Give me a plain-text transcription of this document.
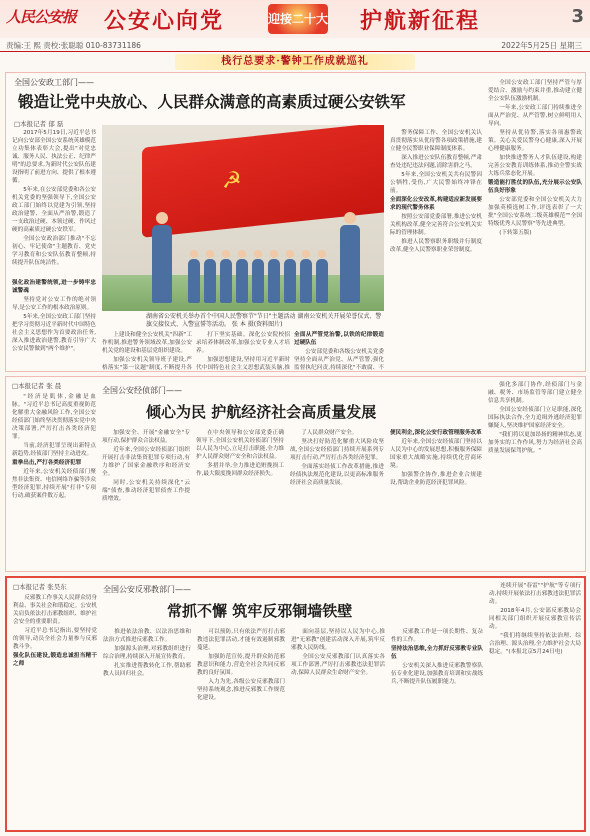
人民公安报 公安心向党	迎接二十大 护航新征程	3
责编:王 熙 责校:张聪聪 010-83731186	2022年5月25日 星期三
栈行总要求·警钟工作成就巡礼
全国公安政工部门——
锻造让党中央放心、人民群众满意的高素质过硬公安铁军
□本报记者 郁 磊

2017年5月19日,习近平总书记向公安部全国公安系统英雄模范立功集体表彰大会,提出"对党忠诚、服务人民、执法公正、纪律严明"的总要求,为新时代公安队伍建设指明了前进方向、提供了根本遵循。

5年来,在公安部党委和各公安机关党委的坚强领导下,全国公安政工部门始终以党建为引领,坚持政治建警、全面从严治警,锻造了一支政治过硬、本领过硬、作风过硬的高素质过硬公安铁军。

全国公安政治部门推动"不忘初心、牢记使命"主题教育、党史学习教育和公安队伍教育整顿,持续提升队伍纯洁性。

强化政治建警统领,进一步铸牢忠诚警魂

坚持党对公安工作的绝对领导,是公安工作的根本政治原则。

5年来,全国公安政工部门坚持把学习贯彻习近平新时代中国特色社会主义思想作为首要政治任务,深入推进政治建警,教育引导广大公安民警做到"两个维护"。

☭
湖南省公安机关举办首个中国人民警察节"节日"主题活动 湖南公安机关开展荣誉仪式、警旗交接仪式、入警宣誓等活动。 张 本 摄(资料图片)

上建设和健全公安机关"四新"工作机制,推进警务领域改革,加强公安机关党的建设和基层党组织建设。

加强公安机关领导班子建设,严格落实"第一议题"制度,不断提升各

打下坚实基础。深化公安院校招录培养体制改革,加强公安专业人才培养。

加强思想建设,坚持用习近平新时代中国特色社会主义思想武装头脑,推

全面从严管党治警,以铁的纪律锻造过硬队伍

公安部党委和各级公安机关党委坚持全面从严治党、从严管警,强化监督执纪问责,持续深化"不敢腐、不

警务保障工作、全国公安机关认真贯彻落实从优待警各项政策措施,建立健全民警职业保障制度体系。

深入推进公安队伍教育整顿,严肃查处违纪违法问题,清除害群之马。

5年来,全国公安机关共有民警因公牺牲,受伤,广大民警始终冲锋在前。

全面深化公安改革,构建适应新发展要求的现代警务体系

按照公安部党委部署,推进公安机关机构改革,健全完善符合公安机关实际的管理体制。

推进人民警察职务职级并行制度改革,健全人民警察职业荣誉制度。

全国公安政工部门坚持严管与厚爱结合、激励与约束并重,推动建立健全公安队伍激励机制。

一年来,公安政工部门持续推进全面从严治党、从严管警,树立鲜明用人导向。

坚持从优待警,落实各项惠警政策。关心关爱民警身心健康,深入开展心理健康服务。

加快推进警务人才队伍建设,构建完善公安教育训练体系,推动全警实战大练兵常态化开展。

锻造能打胜仗的队伍,充分展示公安队伍良好形象

公安部党委和全国公安机关大力加强英模选树工作,评选表彰了一大批"全国公安系统二级英雄模范""全国特级优秀人民警察"等先进典型。

(下转第五版)

□本报记者 张 晨	全国公安经侦部门——
倾心为民 护航经济社会高质量发展

"经济是肌体,金融是血脉。"习近平总书记高度重视防范化解重大金融风险工作,全国公安经侦部门始终坚决贯彻落实党中央决策部署,严厉打击各类经济犯罪。

当前,经济犯罪呈现出新特点新趋势,经侦部门坚持主动进攻。

重拳出击,严打各类经济犯罪

近年来,公安机关经侦部门聚焦非法集资、电信网络诈骗等涉众型经济犯罪,持续开展"打非"专项行动,破获案件数万起。

加强安全、开展"金融安全"专项行动,保护群众合法权益。

近年来,全国公安经侦部门组织开展打击非法集资犯罪专项行动,有力维护了国家金融秩序和经济安全。

同时,公安机关持续深化"云端"侦查,推动经济犯罪侦查工作提质增效。

在中央领导和公安部党委正确领导下,全国公安机关经侦部门坚持以人民为中心,立足打击职能,全力维护人民群众财产安全和合法权益。

多措并举,全力推进追赃挽损工作,最大限度挽回群众经济损失。

了人民群众财产安全。

坚决打好防范化解重大风险攻坚战,全国公安经侦部门持续开展系列专项打击行动,严厉打击各类经济犯罪。

全面落实经侦工作改革措施,推进经侦执法规范化建设,以更高标准服务经济社会高质量发展。

便民利企,深化公安行政管理服务改革

近年来,全国公安经侦部门坚持以人民为中心的发展思想,积极服务保障国家重大战略实施,持续优化营商环境。

加强警企协作,推进企业合规建设,帮助企业防范经济犯罪风险。

强化多部门协作,经侦部门与金融、税务、市场监管等部门建立健全信息共享机制。

全国公安经侦部门立足职能,深化国际执法合作,全力追缉外逃经济犯罪嫌疑人,坚决维护国家经济安全。

"我们将以更加昂扬的精神状态,更加务实的工作作风,努力为经济社会高质量发展保驾护航。"

□本报记者 张昊东	全国公安反邪教部门——
常抓不懈 筑牢反邪铜墙铁壁

反邪教工作事关人民群众切身利益、事关社会和谐稳定。公安机关肩负依法打击邪教组织、维护社会安全的重要职责。

习近平总书记指出,要坚持党的领导,动员全社会力量参与反邪教斗争。

强化队伍建设,锻造忠诚担当精干之师

推进依法治教、以法治思维和法治方式推进反邪教工作。

加强源头治理,对邪教组织进行综合治理,持续深入开展宣传教育。

扎实推进帮教转化工作,帮助邪教人员回归社会。

可以预防,只有依法严厉打击邪教违法犯罪活动,才能有效遏制邪教蔓延。

加强防范宣传,提升群众防范邪教意识和能力,营造全社会共同反邪教的良好氛围。

入力为先,各级公安反邪教部门坚持系统观念,推进反邪教工作规范化建设。

面向基层,坚持以人民为中心,推进"无邪教"创建活动深入开展,筑牢反邪教人民防线。

全国公安反邪教部门认真落实各项工作部署,严厉打击邪教违法犯罪活动,保障人民群众生命财产安全。

反邪教工作是一项长期性、复杂性的工作。

坚持法治思维,全力抓好反邪教专业队伍

公安机关深入推进反邪教警察队伍专业化建设,加强教育培训和实战练兵,不断提升队伍履职能力。

连续开展"春雷""护航"等专项行动,持续开展依法打击邪教违法犯罪活动。

2018年4月,公安部反邪教局会同相关部门组织开展反邪教宣传活动。

"我们将继续坚持依法治理、综合治理、源头治理,全力维护社会大局稳定。"(本报北京5月24日电)
